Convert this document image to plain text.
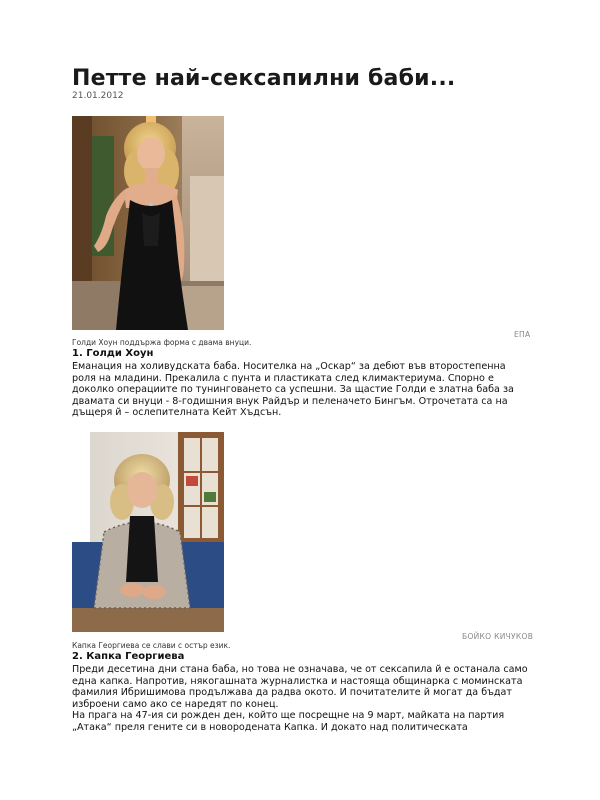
Петте най-сексапилни баби...
21.01.2012
ЕПА
Голди Хоун поддържа форма с двама внуци.
1. Голди Хоун

Еманация на холивудската баба. Носителка на „Оскар“ за дебют във второстепенна роля на младини. Прекалила с пунта и пластиката след климактериума. Спорно е доколко операциите по тунинговането са успешни. За щастие Голди е златна баба за двамата си внуци - 8-годишния внук Райдър и пеленачето Бингъм. Отрочетата са на дъщеря й – ослепителната Кейт Хъдсън.

БОЙКО КИЧУКОВ
Капка Георгиева се слави с остър език.
2. Капка Георгиева

Преди десетина дни стана баба, но това не означава, че от сексапила й е останала само една капка. Напротив, някогашната журналистка и настояща общинарка с моминската фамилия Ибришимова продължава да радва окото. И почитателите й могат да бъдат изброени само ако се наредят по конец.

На прага на 47-ия си рожден ден, който ще посрещне на 9 март, майката на партия „Атака“ преля гените си в новородената Капка. И докато над политическата
